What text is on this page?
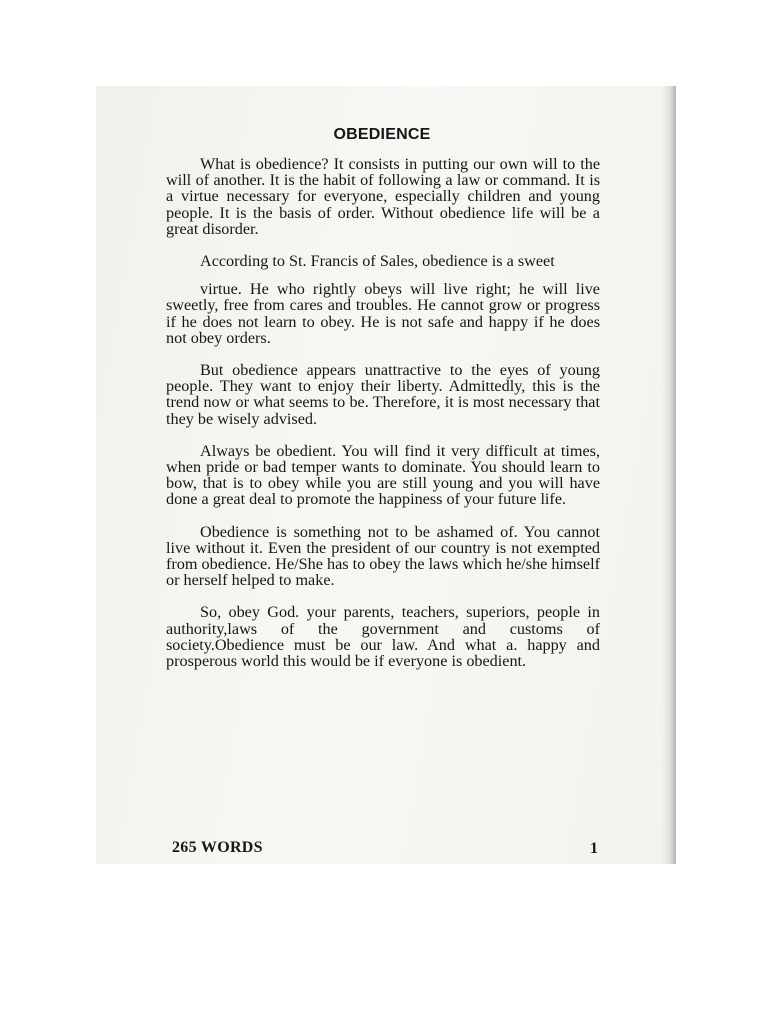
OBEDIENCE

What is obedience? It consists in putting our own will to the will of another. It is the habit of following a law or command. It is a virtue necessary for everyone, especially children and young people. It is the basis of order. Without obedience life will be a great disorder.

According to St. Francis of Sales, obedience is a sweet

virtue. He who rightly obeys will live right; he will live sweetly, free from cares and troubles. He cannot grow or progress if he does not learn to obey. He is not safe and happy if he does not obey orders.

But obedience appears unattractive to the eyes of young people. They want to enjoy their liberty. Admittedly, this is the trend now or what seems to be. Therefore, it is most necessary that they be wisely advised.

Always be obedient. You will find it very difficult at times, when pride or bad temper wants to dominate. You should learn to bow, that is to obey while you are still young and you will have done a great deal to promote the happiness of your future life.

Obedience is something not to be ashamed of. You cannot live without it. Even the president of our country is not exempted from obedience. He/She has to obey the laws which he/she himself or herself helped to make.

So, obey God. your parents, teachers, superiors, people in authority,laws of the government and customs of society.Obedience must be our law. And what a. happy and prosperous world this would be if everyone is obedient.

265 WORDS	1
